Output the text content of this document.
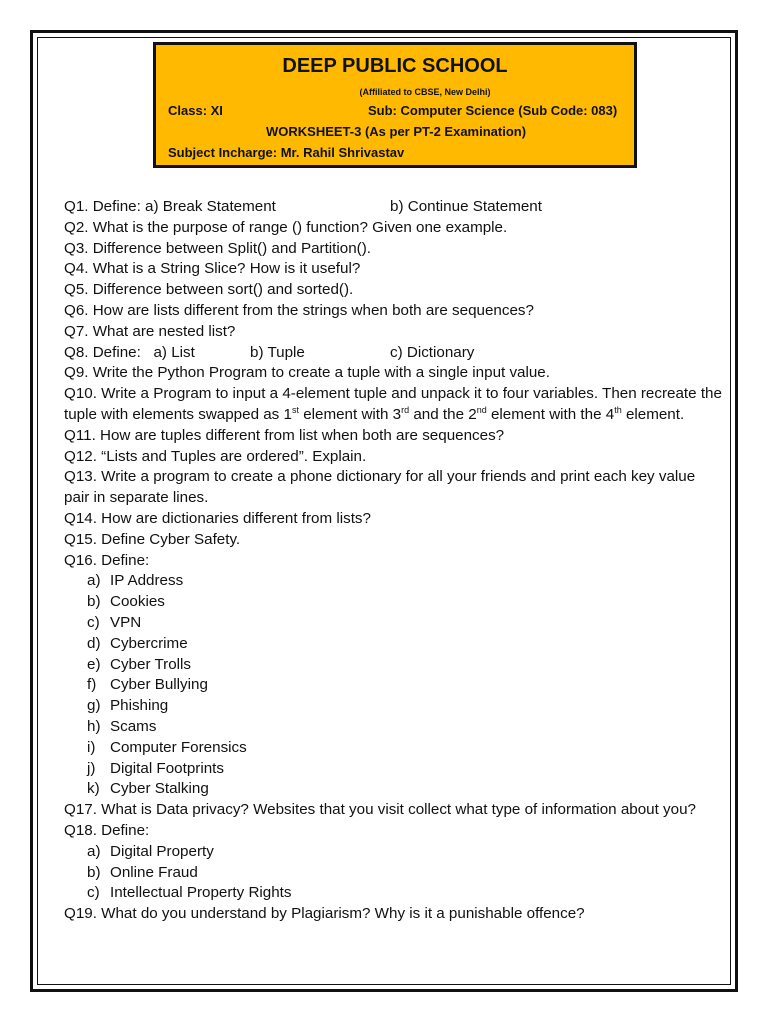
DEEP PUBLIC SCHOOL
(Affiliated to CBSE, New Delhi)
Class: XI	Sub: Computer Science (Sub Code: 083)
WORKSHEET-3 (As per PT-2 Examination)
Subject Incharge: Mr. Rahil Shrivastav
Q1. Define: a) Break Statement	b) Continue Statement
Q2. What is the purpose of range () function? Given one example.
Q3. Difference between Split() and Partition().
Q4. What is a String Slice? How is it useful?
Q5. Difference between sort() and sorted().
Q6. How are lists different from the strings when both are sequences?
Q7. What are nested list?
Q8. Define:   a) List	b) Tuple	c) Dictionary
Q9. Write the Python Program to create a tuple with a single input value.
Q10. Write a Program to input a 4-element tuple and unpack it to four variables. Then recreate the tuple with elements swapped as 1st element with 3rd and the 2nd element with the 4th element.
Q11. How are tuples different from list when both are sequences?
Q12. “Lists and Tuples are ordered”. Explain.
Q13. Write a program to create a phone dictionary for all your friends and print each key value pair in separate lines.
Q14. How are dictionaries different from lists?
Q15. Define Cyber Safety.
Q16. Define:
a) IP Address
b) Cookies
c) VPN
d) Cybercrime
e) Cyber Trolls
f) Cyber Bullying
g) Phishing
h) Scams
i) Computer Forensics
j) Digital Footprints
k) Cyber Stalking
Q17. What is Data privacy? Websites that you visit collect what type of information about you?
Q18. Define:
a) Digital Property
b) Online Fraud
c) Intellectual Property Rights
Q19. What do you understand by Plagiarism? Why is it a punishable offence?
